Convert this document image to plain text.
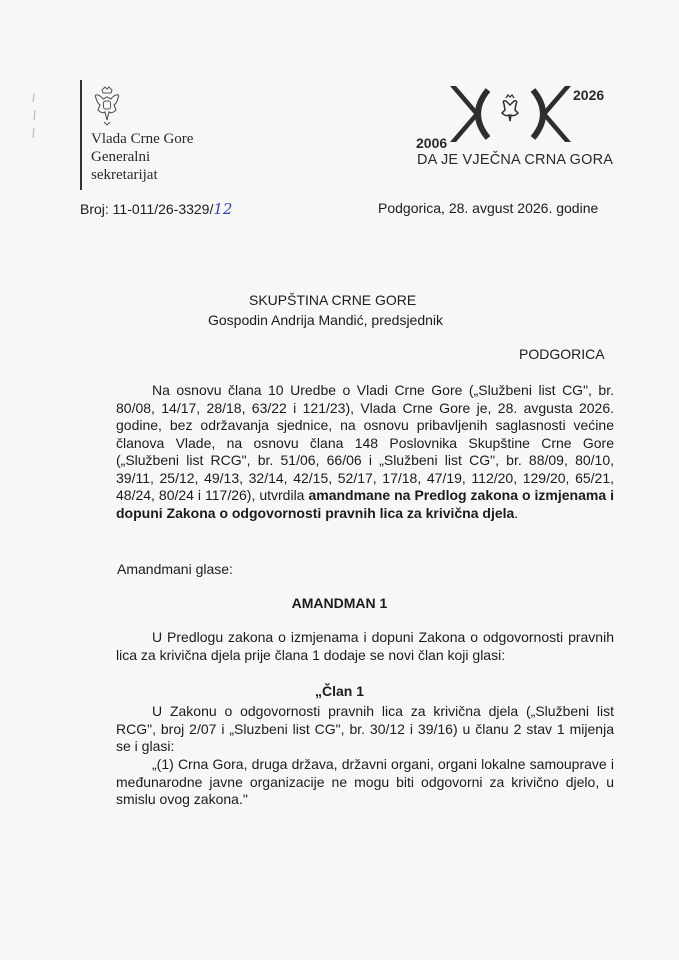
Vlada Crne Gore
Generalni
sekretarijat
2026
2006
DA JE VJEČNA CRNA GORA
Broj: 11-011/26-3329/12	Podgorica, 28. avgust 2026. godine
SKUPŠTINA CRNE GORE
Gospodin Andrija Mandić, predsjednik
PODGORICA
Na osnovu člana 10 Uredbe o Vladi Crne Gore („Službeni list CG", br. 80/08, 14/17, 28/18, 63/22 i 121/23), Vlada Crne Gore je, 28. avgusta 2026. godine, bez održavanja sjednice, na osnovu pribavljenih saglasnosti većine članova Vlade, na osnovu člana 148 Poslovnika Skupštine Crne Gore („Službeni list RCG", br. 51/06, 66/06 i „Službeni list CG", br. 88/09, 80/10, 39/11, 25/12, 49/13, 32/14, 42/15, 52/17, 17/18, 47/19, 112/20, 129/20, 65/21, 48/24, 80/24 i 117/26), utvrdila amandmane na Predlog zakona o izmjenama i dopuni Zakona o odgovornosti pravnih lica za krivična djela.
Amandmani glase:
AMANDMAN 1
U Predlogu zakona o izmjenama i dopuni Zakona o odgovornosti pravnih lica za krivična djela prije člana 1 dodaje se novi član koji glasi:
„Član 1
U Zakonu o odgovornosti pravnih lica za krivična djela („Službeni list RCG", broj 2/07 i „Sluzbeni list CG", br. 30/12 i 39/16) u članu 2 stav 1 mijenja se i glasi:
„(1) Crna Gora, druga država, državni organi, organi lokalne samouprave i međunarodne javne organizacije ne mogu biti odgovorni za krivično djelo, u smislu ovog zakona."
